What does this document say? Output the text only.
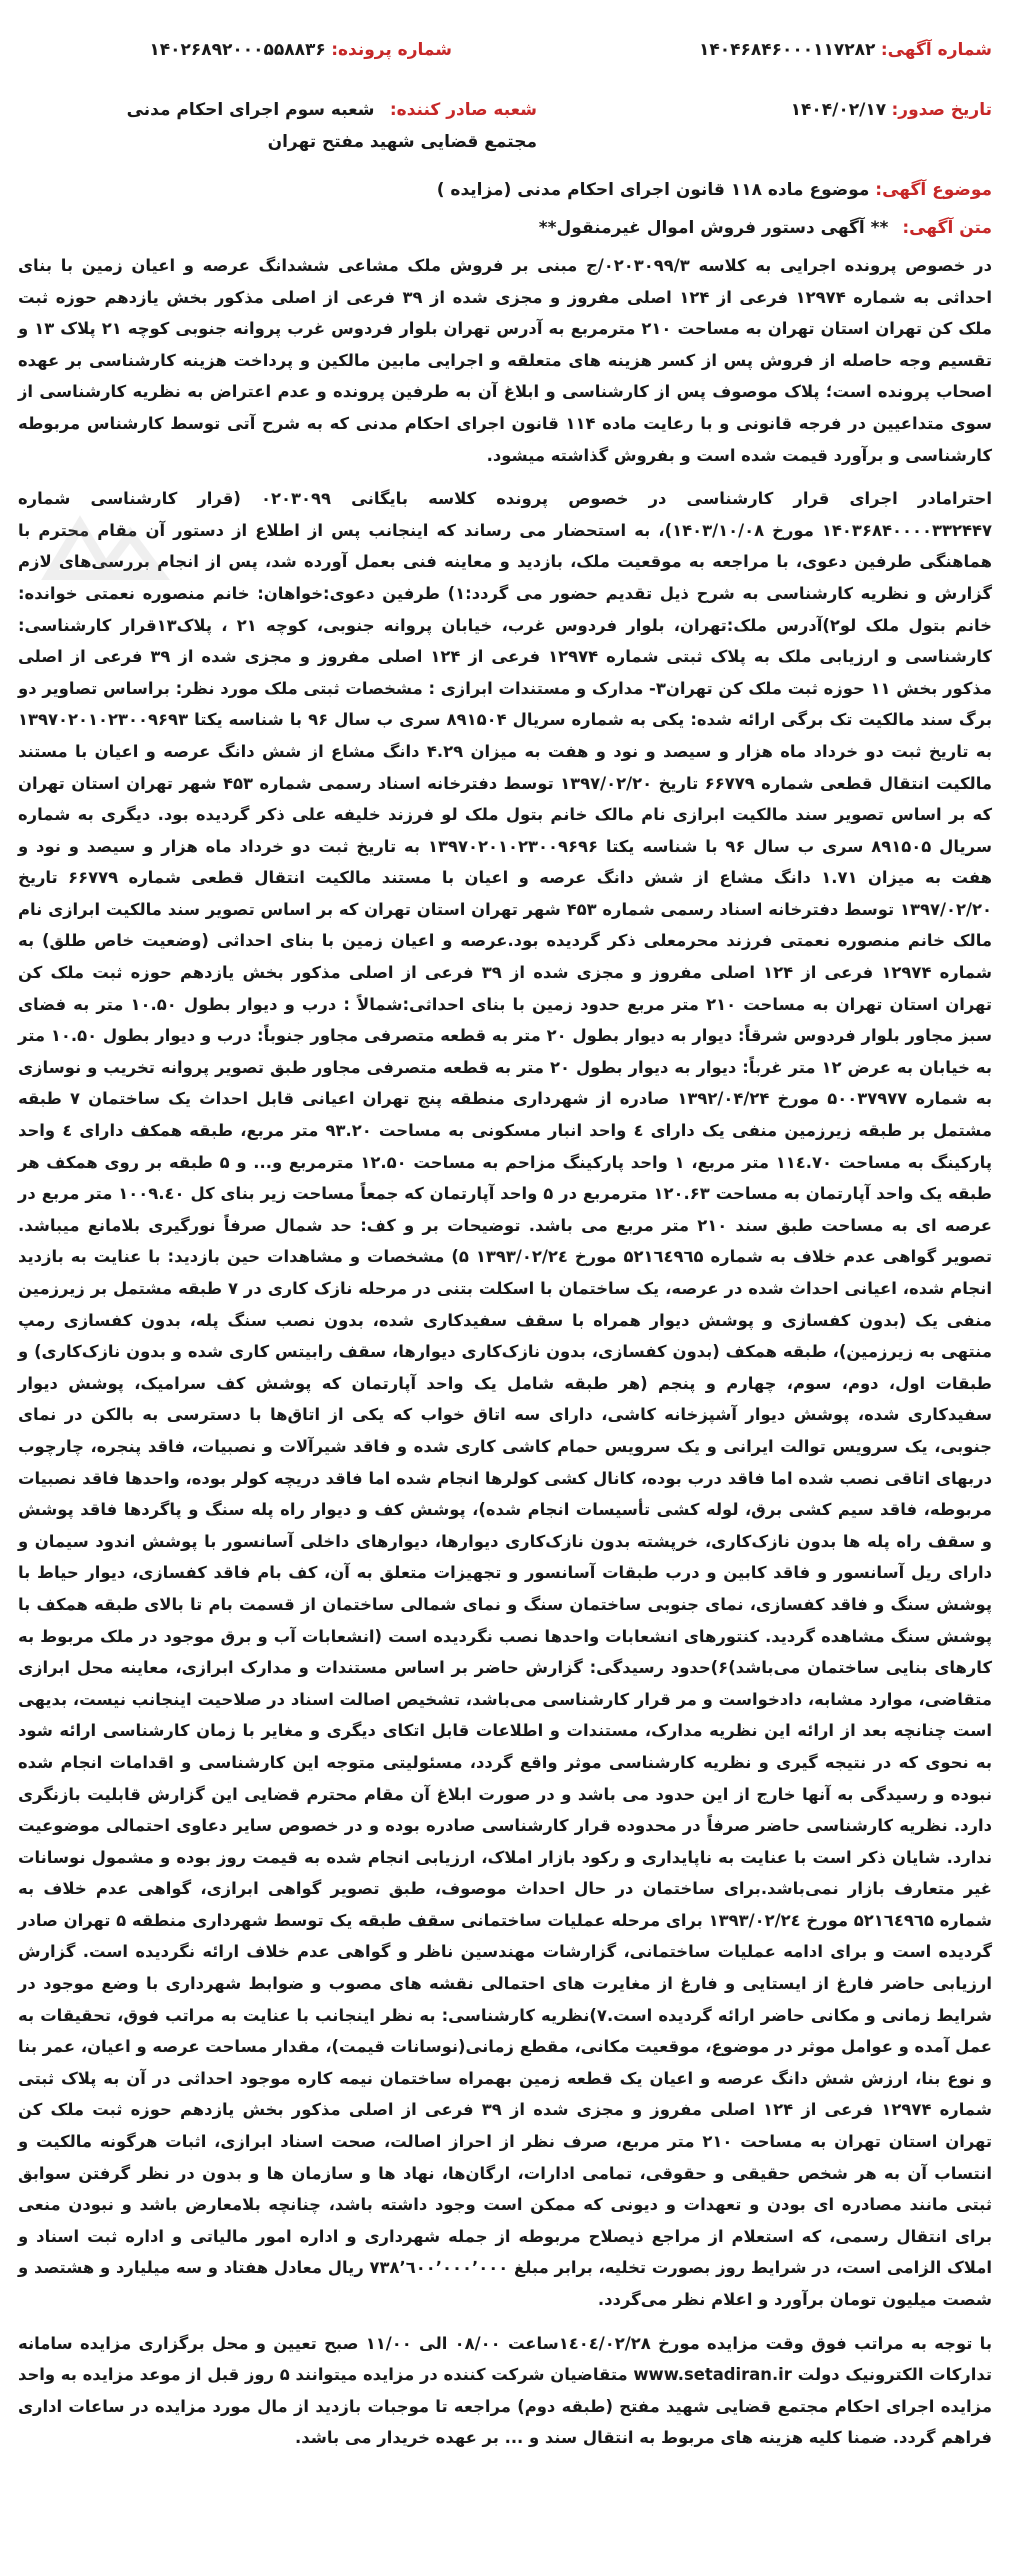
شماره آگهی: ۱۴۰۴۶۸۴۶۰۰۰۱۱۷۲۸۲
تاریخ صدور: ۱۴۰۴/۰۲/۱۷
شماره پرونده: ۱۴۰۲۶۸۹۲۰۰۰۵۵۸۸۳۶
شعبه صادر کننده: شعبه سوم اجرای احکام مدنی مجتمع قضایی شهید مفتح تهران
موضوع آگهی: موضوع ماده ۱۱۸ قانون اجرای احکام مدنی (مزایده )
متن آگهی: ** آگهی دستور فروش اموال غیرمنقول**

در خصوص پرونده اجرایی به کلاسه ۰۲۰۳۰۹۹/۳/ج مبنی بر فروش ملک مشاعی ششدانگ عرصه و اعیان زمین با بنای احداثی به شماره ۱۲۹۷۴ فرعی از ۱۲۴ اصلی مفروز و مجزی شده از ۳۹ فرعی از اصلی مذکور بخش یازدهم حوزه ثبت ملک کن تهران استان تهران به مساحت ۲۱۰ مترمربع به آدرس تهران بلوار فردوس غرب پروانه جنوبی کوچه ۲۱ پلاک ۱۳ و تقسیم وجه حاصله از فروش پس از کسر هزینه های متعلقه و اجرایی مابین مالکین و پرداخت هزینه کارشناسی بر عهده اصحاب پرونده است؛ پلاک موصوف پس از کارشناسی و ابلاغ آن به طرفین پرونده و عدم اعتراض به نظریه کارشناسی از سوی متداعیین در فرجه قانونی و با رعایت ماده ۱۱۴ قانون اجرای احکام مدنی که به شرح آتی توسط کارشناس مربوطه کارشناسی و برآورد قیمت شده است و بفروش گذاشته میشود.

احترامادر اجرای قرار کارشناسی در خصوص پرونده کلاسه بایگانی ۰۲۰۳۰۹۹ (قرار کارشناسی شماره ۱۴۰۳۶۸۴۰۰۰۰۳۳۲۴۴۷ مورخ ۱۴۰۳/۱۰/۰۸)، به استحضار می رساند که اینجانب پس از اطلاع از دستور آن مقام محترم با هماهنگی طرفین دعوی، با مراجعه به موقعیت ملک، بازدید و معاینه فنی بعمل آورده شد، پس از انجام بررسی‌های لازم گزارش و نظریه کارشناسی به شرح ذیل تقدیم حضور می گردد:۱) طرفین دعوی:خواهان: خانم منصوره نعمتی خوانده: خانم بتول ملک لو۲)آدرس ملک:تهران، بلوار فردوس غرب، خیابان پروانه جنوبی، کوچه ۲۱ ، پلاک۱۳قرار کارشناسی: کارشناسی و ارزیابی ملک به پلاک ثبتی شماره ۱۲۹۷۴ فرعی از ۱۲۴ اصلی مفروز و مجزی شده از ۳۹ فرعی از اصلی مذکور بخش ۱۱ حوزه ثبت ملک کن تهران۳- مدارک و مستندات ابرازی : مشخصات ثبتی ملک مورد نظر: براساس تصاویر دو برگ سند مالکیت تک برگی ارائه شده: یکی به شماره سریال ۸۹۱۵۰۴ سری ب سال ۹۶ با شناسه یکتا ۱۳۹۷۰۲۰۱۰۲۳۰۰۹۶۹۳ به تاریخ ثبت دو خرداد ماه هزار و سیصد و نود و هفت به میزان ۴.۲۹ دانگ مشاع از شش دانگ عرصه و اعیان با مستند مالکیت انتقال قطعی شماره ۶۶۷۷۹ تاریخ ۱۳۹۷/۰۲/۲۰ توسط دفترخانه اسناد رسمی شماره ۴۵۳ شهر تهران استان تهران که بر اساس تصویر سند مالکیت ابرازی نام مالک خانم بتول ملک لو فرزند خلیفه علی ذکر گردیده بود. دیگری به شماره سریال ۸۹۱۵۰۵ سری ب سال ۹۶ با شناسه یکتا ۱۳۹۷۰۲۰۱۰۲۳۰۰۹۶۹۶ به تاریخ ثبت دو خرداد ماه هزار و سیصد و نود و هفت به میزان ۱.۷۱ دانگ مشاع از شش دانگ عرصه و اعیان با مستند مالکیت انتقال قطعی شماره ۶۶۷۷۹ تاریخ ۱۳۹۷/۰۲/۲۰ توسط دفترخانه اسناد رسمی شماره ۴۵۳ شهر تهران استان تهران که بر اساس تصویر سند مالکیت ابرازی نام مالک خانم منصوره نعمتی فرزند محرمعلی ذکر گردیده بود.عرصه و اعیان زمین با بنای احداثی (وضعیت خاص طلق) به شماره ۱۲۹۷۴ فرعی از ۱۲۴ اصلی مفروز و مجزی شده از ۳۹ فرعی از اصلی مذکور بخش یازدهم حوزه ثبت ملک کن تهران استان تهران به مساحت ۲۱۰ متر مربع حدود زمین با بنای احداثی:شمالاً : درب و دیوار بطول ۱۰.۵۰ متر به فضای سبز مجاور بلوار فردوس شرقاً: دیوار به دیوار بطول ۲۰ متر به قطعه متصرفی مجاور جنوباً: درب و دیوار بطول ۱۰.۵۰ متر به خیابان به عرض ۱۲ متر غرباً: دیوار به دیوار بطول ۲۰ متر به قطعه متصرفی مجاور طبق تصویر پروانه تخریب و نوسازی به شماره ۵۰۰۳۷۹۷۷ مورخ ۱۳۹۲/۰۴/۲۴ صادره از شهرداری منطقه پنج تهران اعیانی قابل احداث یک ساختمان ۷ طبقه مشتمل بر طبقه زیرزمین منفی یک دارای ٤ واحد انبار مسکونی به مساحت ۹۳.۲۰ متر مربع، طبقه همکف دارای ٤ واحد پارکینگ به مساحت ۱۱٤.۷۰ متر مربع، ۱ واحد پارکینگ مزاحم به مساحت ۱۲.۵۰ مترمربع و... و ۵ طبقه بر روی همکف هر طبقه یک واحد آپارتمان به مساحت ۱۲۰.۶۳ مترمربع در ۵ واحد آپارتمان که جمعاً مساحت زیر بنای کل ۱۰۰۹.٤۰ متر مربع در عرصه ای به مساحت طبق سند ۲۱۰ متر مربع می باشد. توضیحات بر و کف: حد شمال صرفاً نورگیری بلامانع میباشد. تصویر گواهی عدم خلاف به شماره ۵۲۱٦٤۹٦۵ مورخ ۱۳۹۳/۰۲/۲٤ ۵) مشخصات و مشاهدات حین بازدید: با عنایت به بازدید انجام شده، اعیانی احداث شده در عرصه، یک ساختمان با اسکلت بتنی در مرحله نازک کاری در ۷ طبقه مشتمل بر زیرزمین منفی یک (بدون کفسازی و پوشش دیوار همراه با سقف سفیدکاری شده، بدون نصب سنگ پله، بدون کفسازی رمپ منتهی به زیرزمین)، طبقه همکف (بدون کفسازی، بدون نازک‌کاری دیوارها، سقف رابیتس کاری شده و بدون نازک‌کاری) و طبقات اول، دوم، سوم، چهارم و پنجم (هر طبقه شامل یک واحد آپارتمان که پوشش کف سرامیک، پوشش دیوار سفیدکاری شده، پوشش دیوار آشپزخانه کاشی، دارای سه اتاق خواب که یکی از اتاق‌ها با دسترسی به بالکن در نمای جنوبی، یک سرویس توالت ایرانی و یک سرویس حمام کاشی کاری شده و فاقد شیرآلات و نصبیات، فاقد پنجره، چارچوب دربهای اتاقی نصب شده اما فاقد درب بوده، کانال کشی کولرها انجام شده اما فاقد دریچه کولر بوده، واحدها فاقد نصبیات مربوطه، فاقد سیم کشی برق، لوله کشی تأسیسات انجام شده)، پوشش کف و دیوار راه پله سنگ و پاگردها فاقد پوشش و سقف راه پله ها بدون نازک‌کاری، خرپشته بدون نازک‌کاری دیوارها، دیوارهای داخلی آسانسور با پوشش اندود سیمان و دارای ریل آسانسور و فاقد کابین و درب طبقات آسانسور و تجهیزات متعلق به آن، کف بام فاقد کفسازی، دیوار حیاط با پوشش سنگ و فاقد کفسازی، نمای جنوبی ساختمان سنگ و نمای شمالی ساختمان از قسمت بام تا بالای طبقه همکف با پوشش سنگ مشاهده گردید. کنتورهای انشعابات واحدها نصب نگردیده است (انشعابات آب و برق موجود در ملک مربوط به کارهای بنایی ساختمان می‌باشد)۶)حدود رسیدگی: گزارش حاضر بر اساس مستندات و مدارک ابرازی، معاینه محل ابرازی متقاضی، موارد مشابه، دادخواست و مر قرار کارشناسی می‌باشد، تشخیص اصالت اسناد در صلاحیت اینجانب نیست، بدیهی است چنانچه بعد از ارائه این نظریه مدارک، مستندات و اطلاعات قابل اتکای دیگری و مغایر با زمان کارشناسی ارائه شود به نحوی که در نتیجه گیری و نظریه کارشناسی موثر واقع گردد، مسئولیتی متوجه این کارشناسی و اقدامات انجام شده نبوده و رسیدگی به آنها خارج از این حدود می باشد و در صورت ابلاغ آن مقام محترم قضایی این گزارش قابلیت بازنگری دارد. نظریه کارشناسی حاضر صرفاً در محدوده قرار کارشناسی صادره بوده و در خصوص سایر دعاوی احتمالی موضوعیت ندارد. شایان ذکر است با عنایت به ناپایداری و رکود بازار املاک، ارزیابی انجام شده به قیمت روز بوده و مشمول نوسانات غیر متعارف بازار نمی‌باشد.برای ساختمان در حال احداث موصوف، طبق تصویر گواهی ابرازی، گواهی عدم خلاف به شماره ۵۲۱٦٤۹٦۵ مورخ ۱۳۹۳/۰۲/۲٤ برای مرحله عملیات ساختمانی سقف طبقه یک توسط شهرداری منطقه ۵ تهران صادر گردیده است و برای ادامه عملیات ساختمانی، گزارشات مهندسین ناظر و گواهی عدم خلاف ارائه نگردیده است. گزارش ارزیابی حاضر فارغ از ایستایی و فارغ از مغایرت های احتمالی نقشه های مصوب و ضوابط شهرداری با وضع موجود در شرایط زمانی و مکانی حاضر ارائه گردیده است.۷)نظریه کارشناسی: به نظر اینجانب با عنایت به مراتب فوق، تحقیقات به عمل آمده و عوامل موثر در موضوع، موقعیت مکانی، مقطع زمانی(نوسانات قیمت)، مقدار مساحت عرصه و اعیان، عمر بنا و نوع بنا، ارزش شش دانگ عرصه و اعیان یک قطعه زمین بهمراه ساختمان نیمه کاره موجود احداثی در آن به پلاک ثبتی شماره ۱۲۹۷۴ فرعی از ۱۲۴ اصلی مفروز و مجزی شده از ۳۹ فرعی از اصلی مذکور بخش یازدهم حوزه ثبت ملک کن تهران استان تهران به مساحت ۲۱۰ متر مربع، صرف نظر از احراز اصالت، صحت اسناد ابرازی، اثبات هرگونه مالکیت و انتساب آن به هر شخص حقیقی و حقوقی، تمامی ادارات، ارگان‌ها، نهاد ها و سازمان ها و بدون در نظر گرفتن سوابق ثبتی مانند مصادره ای بودن و تعهدات و دیونی که ممکن است وجود داشته باشد، چنانچه بلامعارض باشد و نبودن منعی برای انتقال رسمی، که استعلام از مراجع ذیصلاح مربوطه از جمله شهرداری و اداره امور مالیاتی و اداره ثبت اسناد و املاک الزامی است، در شرایط روز بصورت تخلیه، برابر مبلغ ۷۳۸٬٦۰۰٬۰۰۰٬۰۰۰ ریال معادل هفتاد و سه میلیارد و هشتصد و شصت میلیون تومان برآورد و اعلام نظر می‌گردد.

با توجه به مراتب فوق وقت مزایده مورخ ۱٤۰٤/۰۲/۲۸ساعت ۰۸/۰۰ الی ۱۱/۰۰ صبح تعیین و محل برگزاری مزایده سامانه تدارکات الکترونیک دولت www.setadiran.ir متقاضیان شرکت کننده در مزایده میتوانند ۵ روز قبل از موعد مزایده به واحد مزایده اجرای احکام مجتمع قضایی شهید مفتح (طبقه دوم) مراجعه تا موجبات بازدید از مال مورد مزایده در ساعات اداری فراهم گردد. ضمنا کلیه هزینه های مربوط به انتقال سند و ... بر عهده خریدار می باشد.
